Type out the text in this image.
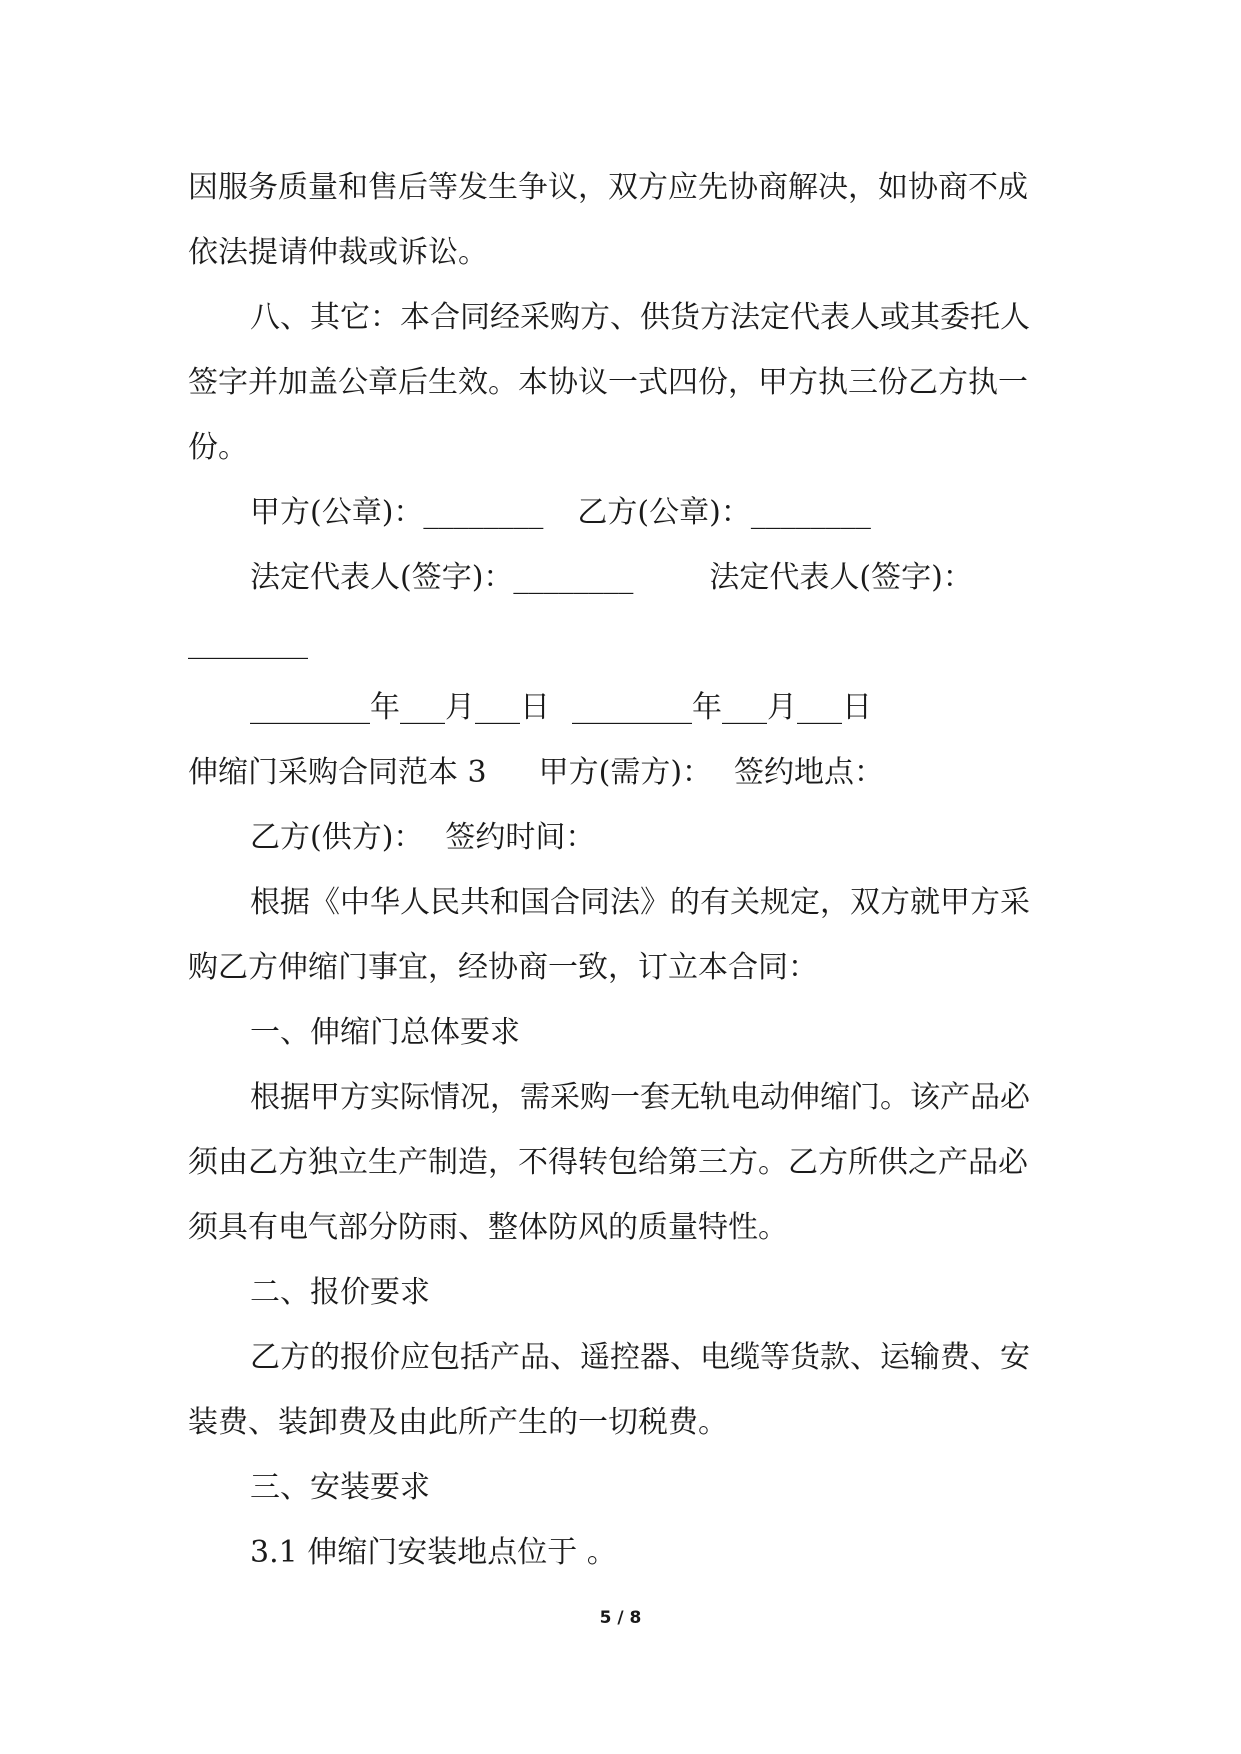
因服务质量和售后等发生争议，双方应先协商解决，如协商不成
依法提请仲裁或诉讼。
八、其它：本合同经采购方、供货方法定代表人或其委托人
签字并加盖公章后生效。本协议一式四份，甲方执三份乙方执一
份。
甲方(公章)：________ 乙方(公章)：________
法定代表人(签字)：________	法定代表人(签字)：
________
________年___月___日 ________年___月___日
伸缩门采购合同范本 3 甲方(需方)： 签约地点：
乙方(供方)： 签约时间：
根据《中华人民共和国合同法》的有关规定，双方就甲方采
购乙方伸缩门事宜，经协商一致，订立本合同：
一、伸缩门总体要求
根据甲方实际情况，需采购一套无轨电动伸缩门。该产品必
须由乙方独立生产制造，不得转包给第三方。乙方所供之产品必
须具有电气部分防雨、整体防风的质量特性。
二、报价要求
乙方的报价应包括产品、遥控器、电缆等货款、运输费、安
装费、装卸费及由此所产生的一切税费。
三、安装要求
3.1 伸缩门安装地点位于 。
5 / 8
